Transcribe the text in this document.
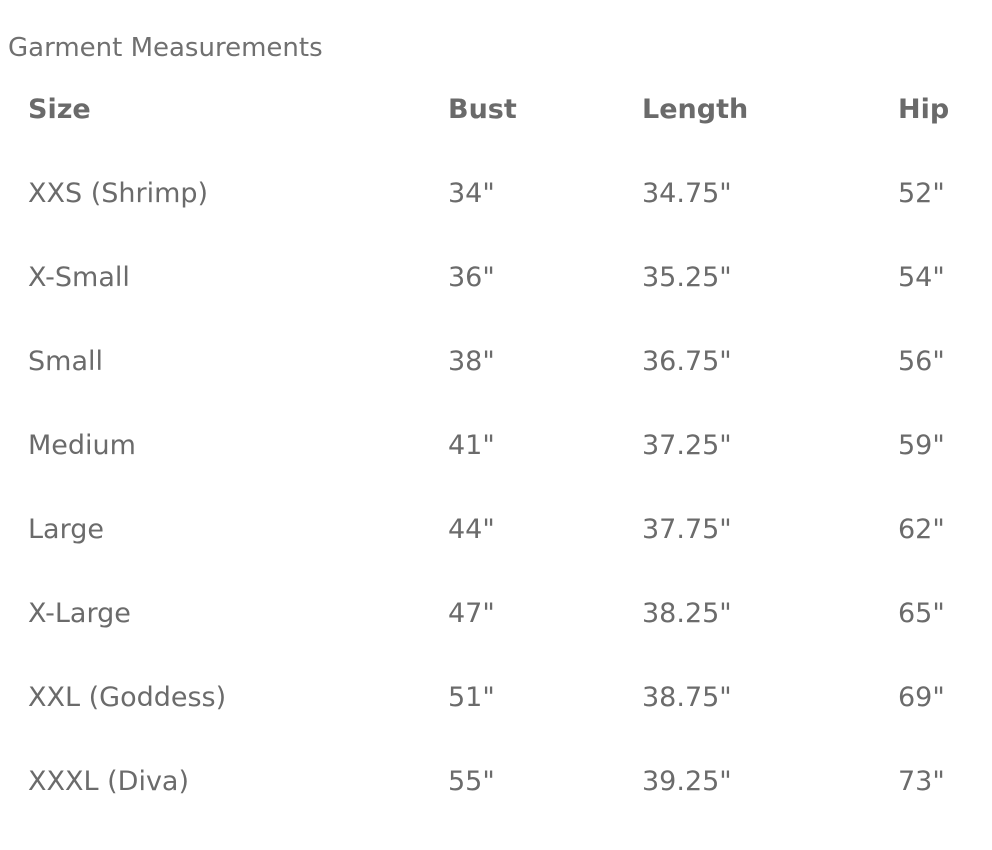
Garment Measurements
Size	Bust	Length	Hip
XXS (Shrimp)	34"	34.75"	52"
X-Small	36"	35.25"	54"
Small	38"	36.75"	56"
Medium	41"	37.25"	59"
Large	44"	37.75"	62"
X-Large	47"	38.25"	65"
XXL (Goddess)	51"	38.75"	69"
XXXL (Diva)	55"	39.25"	73"
